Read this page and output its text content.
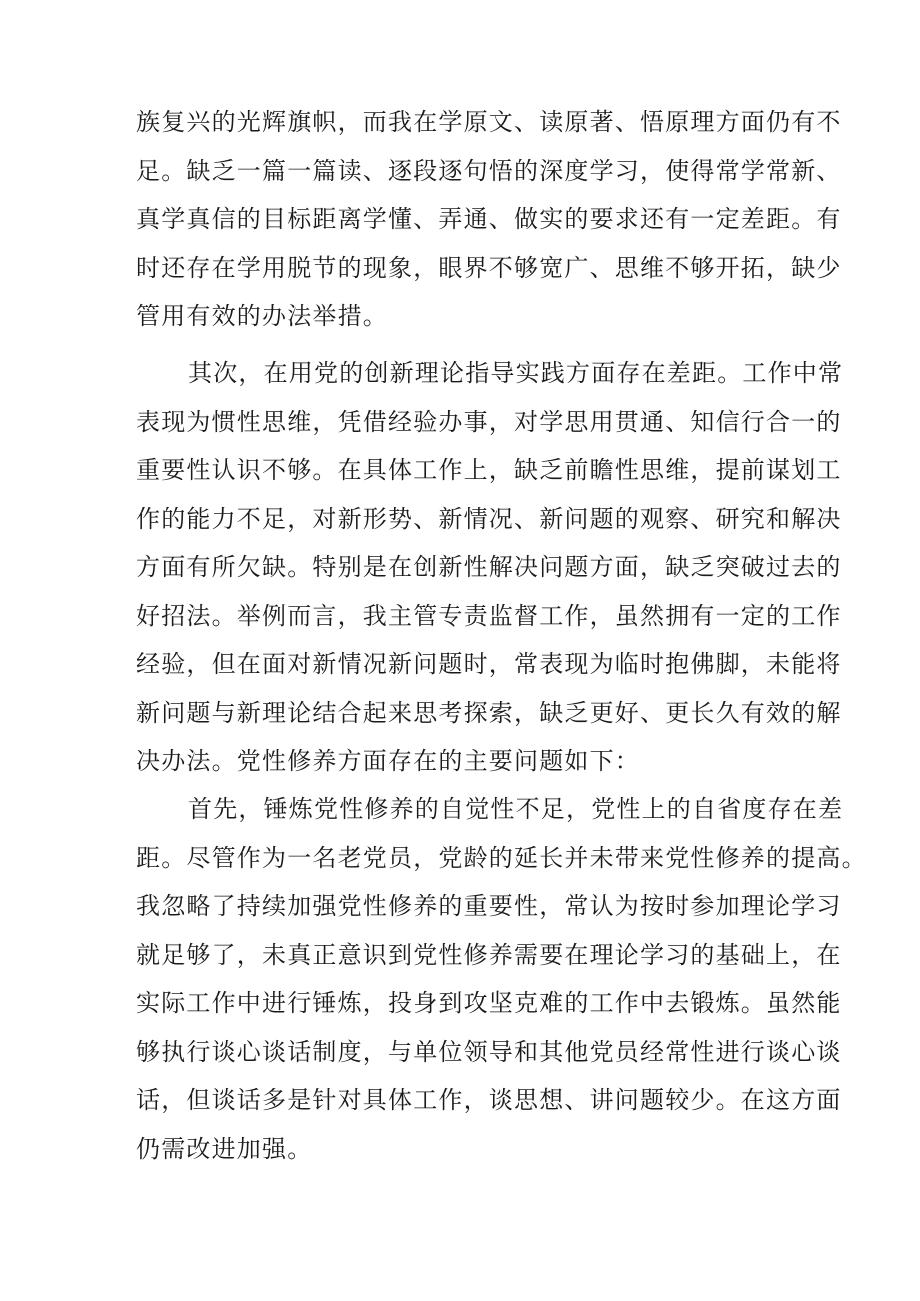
族复兴的光辉旗帜，而我在学原文、读原著、悟原理方面仍有不
足。缺乏一篇一篇读、逐段逐句悟的深度学习，使得常学常新、
真学真信的目标距离学懂、弄通、做实的要求还有一定差距。有
时还存在学用脱节的现象，眼界不够宽广、思维不够开拓，缺少
管用有效的办法举措。
其次，在用党的创新理论指导实践方面存在差距。工作中常
表现为惯性思维，凭借经验办事，对学思用贯通、知信行合一的
重要性认识不够。在具体工作上，缺乏前瞻性思维，提前谋划工
作的能力不足，对新形势、新情况、新问题的观察、研究和解决
方面有所欠缺。特别是在创新性解决问题方面，缺乏突破过去的
好招法。举例而言，我主管专责监督工作，虽然拥有一定的工作
经验，但在面对新情况新问题时，常表现为临时抱佛脚，未能将
新问题与新理论结合起来思考探索，缺乏更好、更长久有效的解
决办法。党性修养方面存在的主要问题如下：
首先，锤炼党性修养的自觉性不足，党性上的自省度存在差
距。尽管作为一名老党员，党龄的延长并未带来党性修养的提高。
我忽略了持续加强党性修养的重要性，常认为按时参加理论学习
就足够了，未真正意识到党性修养需要在理论学习的基础上，在
实际工作中进行锤炼，投身到攻坚克难的工作中去锻炼。虽然能
够执行谈心谈话制度，与单位领导和其他党员经常性进行谈心谈
话，但谈话多是针对具体工作，谈思想、讲问题较少。在这方面
仍需改进加强。
